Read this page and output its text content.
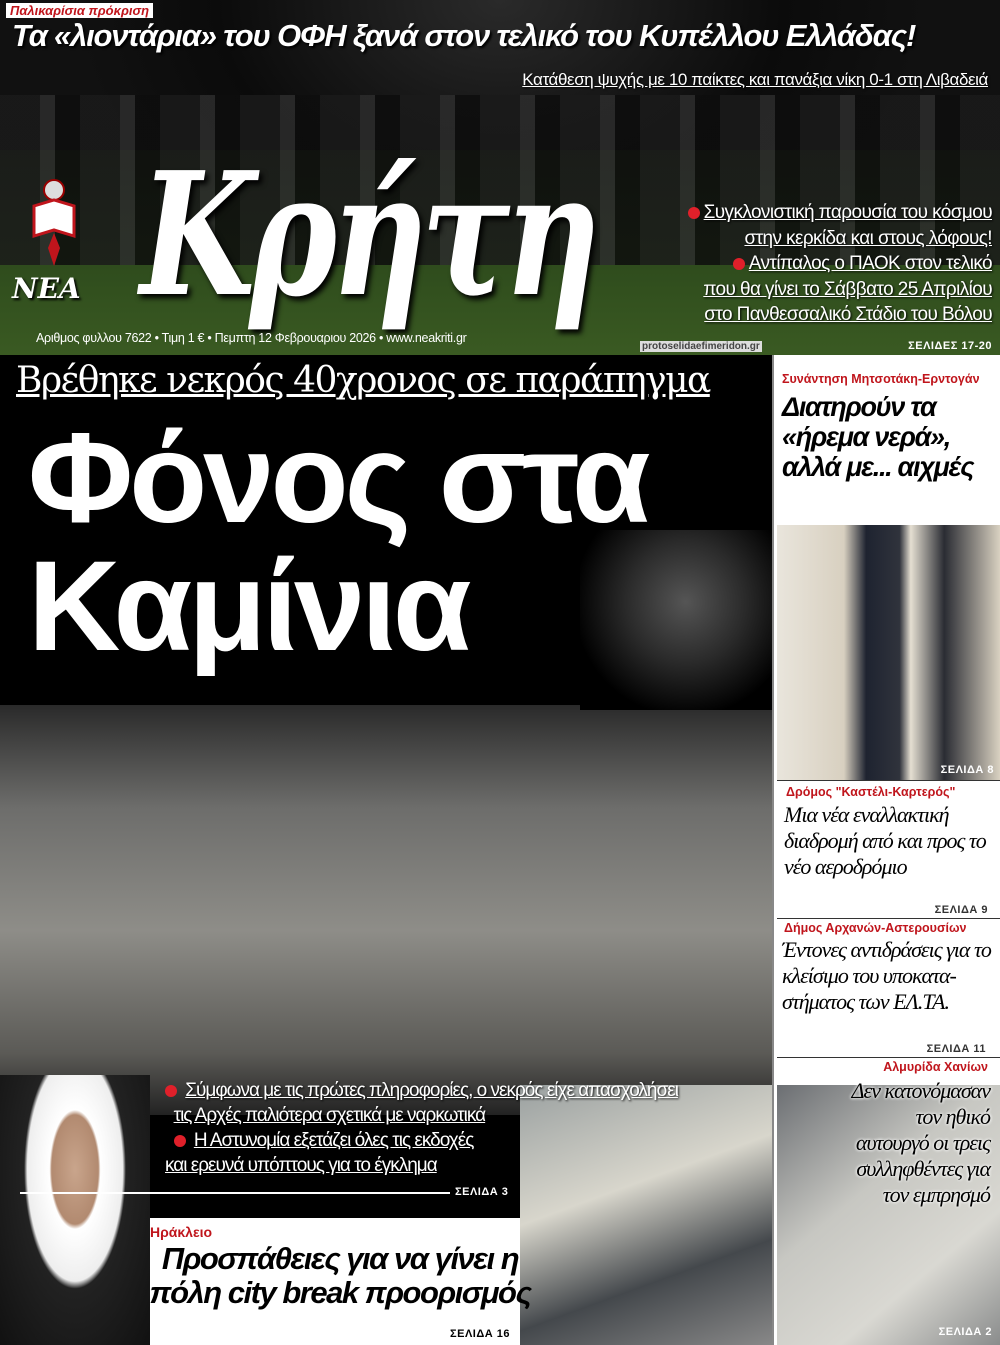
Παλικαρίσια πρόκριση
Τα «λιοντάρια» του ΟΦΗ ξανά στον τελικό του Κυπέλλου Ελλάδας!
Κατάθεση ψυχής με 10 παίκτες και πανάξια νίκη 0-1 στη Λιβαδειά
ΝΕΑ Κρήτη	Συγκλονιστική παρουσία του κόσμου
στην κερκίδα και στους λόφους!
Αντίπαλος ο ΠΑΟΚ στον τελικό
που θα γίνει το Σάββατο 25 Απριλίου
στο Πανθεσσαλικό Στάδιο του Βόλου
Αριθμος φυλλου 7622 • Τιμη 1 € • Πεμπτη 12 Φεβρουαριου 2026 • www.neakriti.gr
protoselidaefimeridon.gr	ΣΕΛΙΔΕΣ 17-20
Βρέθηκε νεκρός 40χρονος σε παράπηγμα
Φόνος στα
Καμίνια
Σύμφωνα με τις πρώτες πληροφορίες, ο νεκρός είχε απασχολήσει
τις Αρχές παλιότερα σχετικά με ναρκωτικά
Η Αστυνομία εξετάζει όλες τις εκδοχές
και ερευνά υπόπτους για το έγκλημα
ΣΕΛΙΔΑ 3
Ηράκλειο
Προσπάθειες για να γίνει η πόλη city break προορισμός
ΣΕΛΙΔΑ 16
Συνάντηση Μητσοτάκη-Ερντογάν
Διατηρούν τα «ήρεμα νερά», αλλά με... αιχμές
ΣΕΛΙΔΑ 8
Δρόμος "Καστέλι-Καρτερός"
Μια νέα εναλλακτική διαδρομή από και προς το νέο αεροδρόμιο
ΣΕΛΙΔΑ 9
Δήμος Αρχανών-Αστερουσίων
Έντονες αντιδράσεις για το κλείσιμο του υποκατα-στήματος των ΕΛ.ΤΑ.
ΣΕΛΙΔΑ 11
Αλμυρίδα Χανίων
Δεν κατονόμασαν τον ηθικό αυτουργό οι τρεις συλληφθέντες για τον εμπρησμό
ΣΕΛΙΔΑ 2
